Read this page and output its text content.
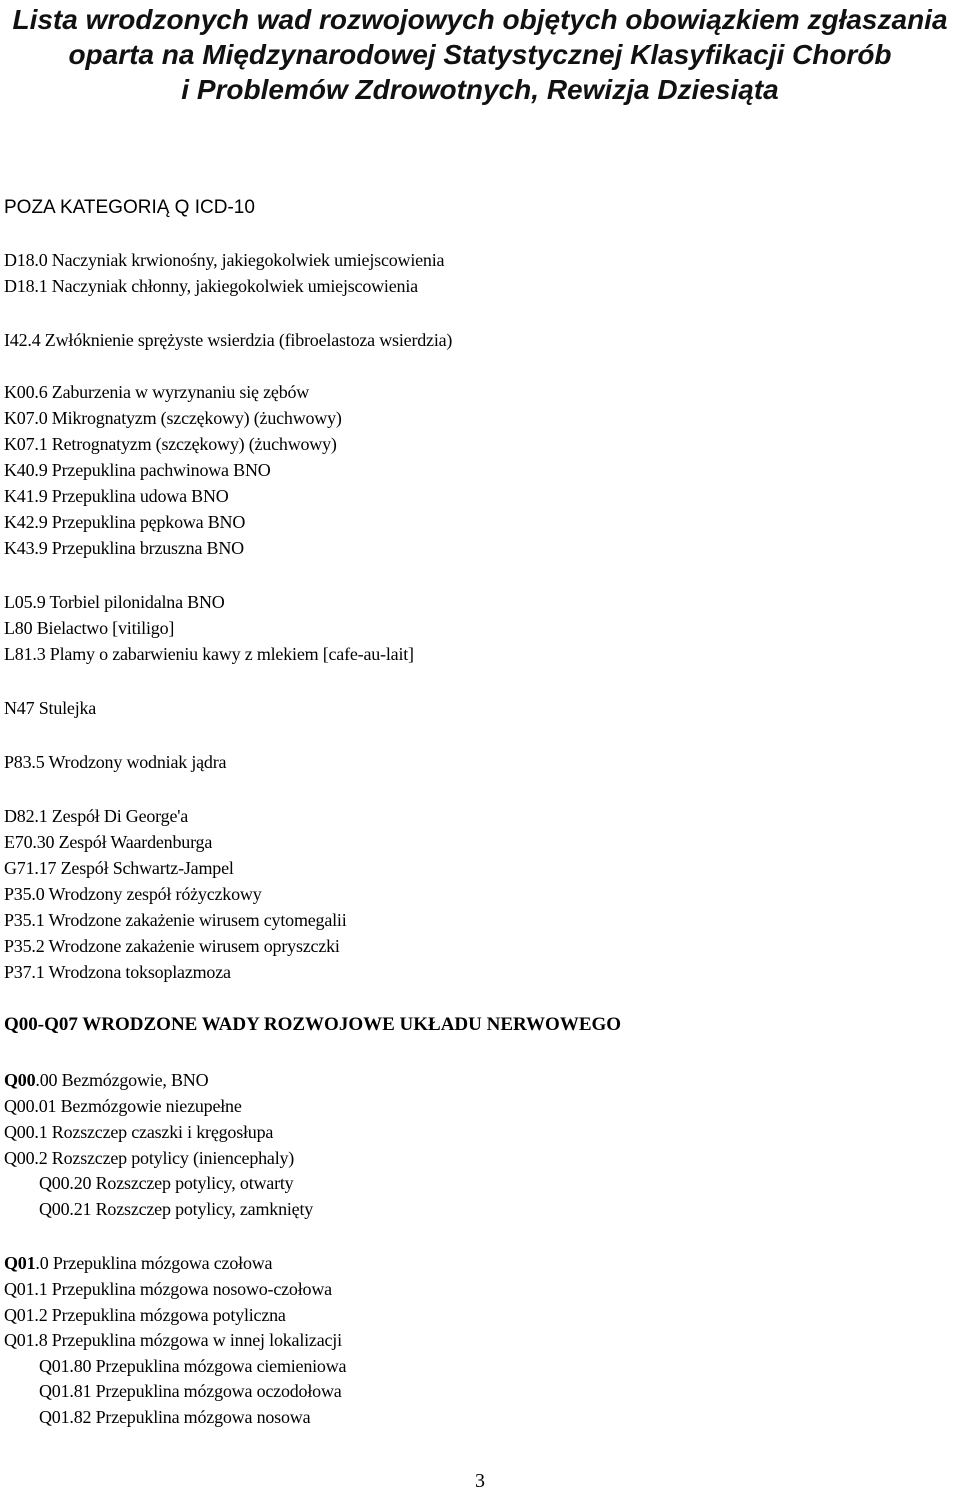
Lista wrodzonych wad rozwojowych objętych obowiązkiem zgłaszania
oparta na Międzynarodowej Statystycznej Klasyfikacji Chorób
i Problemów Zdrowotnych, Rewizja Dziesiąta
POZA KATEGORIĄ Q ICD-10
D18.0 Naczyniak krwionośny, jakiegokolwiek umiejscowienia
D18.1 Naczyniak chłonny, jakiegokolwiek umiejscowienia
I42.4 Zwłóknienie sprężyste wsierdzia (fibroelastoza wsierdzia)
K00.6 Zaburzenia w wyrzynaniu się zębów
K07.0 Mikrognatyzm (szczękowy) (żuchwowy)
K07.1 Retrognatyzm (szczękowy) (żuchwowy)
K40.9 Przepuklina pachwinowa BNO
K41.9 Przepuklina udowa BNO
K42.9 Przepuklina pępkowa BNO
K43.9 Przepuklina brzuszna BNO
L05.9 Torbiel pilonidalna BNO
L80 Bielactwo [vitiligo]
L81.3 Plamy o zabarwieniu kawy z mlekiem [cafe-au-lait]
N47 Stulejka
P83.5 Wrodzony wodniak jądra
D82.1 Zespół Di George'a
E70.30 Zespół Waardenburga
G71.17 Zespół Schwartz-Jampel
P35.0 Wrodzony zespół różyczkowy
P35.1 Wrodzone zakażenie wirusem cytomegalii
P35.2 Wrodzone zakażenie wirusem opryszczki
P37.1 Wrodzona toksoplazmoza
Q00-Q07 WRODZONE WADY ROZWOJOWE UKŁADU NERWOWEGO
Q00.00 Bezmózgowie, BNO
Q00.01 Bezmózgowie niezupełne
Q00.1 Rozszczep czaszki i kręgosłupa
Q00.2 Rozszczep potylicy (iniencephaly)
Q00.20 Rozszczep potylicy, otwarty
Q00.21 Rozszczep potylicy, zamknięty
Q01.0 Przepuklina mózgowa czołowa
Q01.1 Przepuklina mózgowa nosowo-czołowa
Q01.2 Przepuklina mózgowa potyliczna
Q01.8 Przepuklina mózgowa w innej lokalizacji
Q01.80 Przepuklina mózgowa ciemieniowa
Q01.81 Przepuklina mózgowa oczodołowa
Q01.82 Przepuklina mózgowa nosowa
3
